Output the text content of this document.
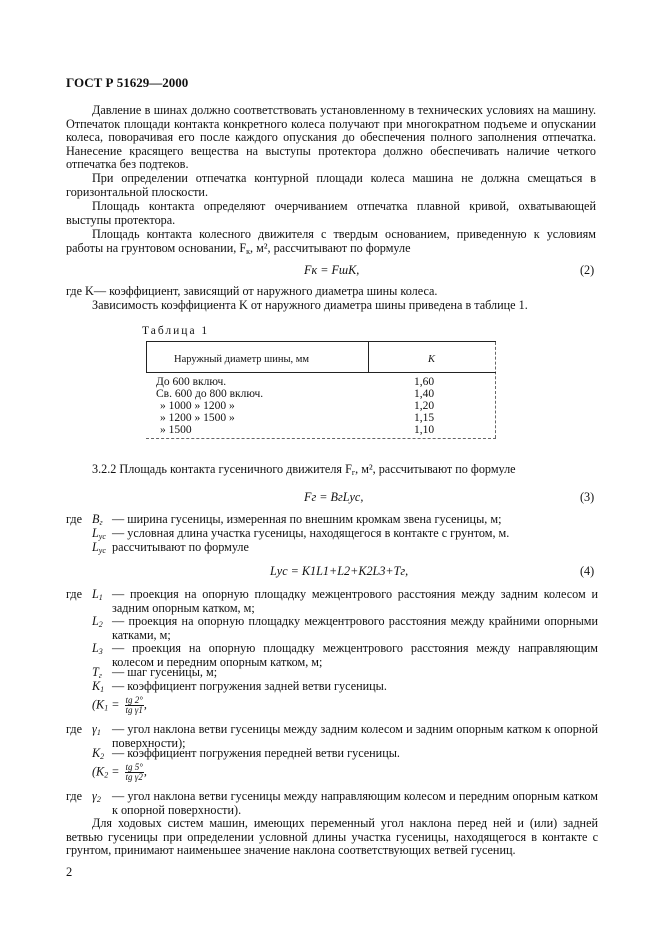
ГОСТ Р 51629—2000
Давление в шинах должно соответствовать установленному в технических условиях на машину. Отпечаток площади контакта конкретного колеса получают при многократном подъеме и опускании колеса, поворачивая его после каждого опускания до обеспечения полного заполнения отпечатка. Нанесение красящего вещества на выступы протектора должно обеспечивать наличие четкого отпечатка без подтеков.
При определении отпечатка контурной площади колеса машина не должна смещаться в горизонтальной плоскости.
Площадь контакта определяют очерчиванием отпечатка плавной кривой, охватывающей выступы протектора.
Площадь контакта колесного движителя с твердым основанием, приведенную к условиям работы на грунтовом основании, $F_к$, м², рассчитывают по формуле
Fк = FшK,	(2)
где K— коэффициент, зависящий от наружного диаметра шины колеса.
Зависимость коэффициента K от наружного диаметра шины приведена в таблице 1.
Таблица 1
Наружный диаметр шины, мм	K
До 600 включ.	1,60
Св. 600 до 800 включ.	1,40
» 1000 » 1200 »	1,20
» 1200 » 1500 »	1,15
» 1500	1,10
3.2.2 Площадь контакта гусеничного движителя $F_г$, м², рассчитывают по формуле
Fг = BгLус,	(3)
где $B_г$ — ширина гусеницы, измеренная по внешним кромкам звена гусеницы, м;
$L_{ус}$ — условная длина участка гусеницы, находящегося в контакте с грунтом, м.
$L_{ус}$ рассчитывают по формуле
Lус = K1L1+L2+K2L3+Tг,	(4)
где $L_1$ — проекция на опорную площадку межцентрового расстояния между задним колесом и задним опорным катком, м;
$L_2$ — проекция на опорную площадку межцентрового расстояния между крайними опорными катками, м;
$L_3$ — проекция на опорную площадку межцентрового расстояния между направляющим колесом и передним опорным катком, м;
$T_г$ — шаг гусеницы, м;
$K_1$ — коэффициент погружения задней ветви гусеницы.
($K_1 = \frac{tg 2^\circ}{\text{tg γ1}}$ ,
где $\gamma_1$ — угол наклона ветви гусеницы между задним колесом и задним опорным катком к опорной поверхности);
$K_2$ — коэффициент погружения передней ветви гусеницы.
($K_2 = \frac{tg 5^\circ}{\text{tg γ2}}$ ,
где $\gamma_2$ — угол наклона ветви гусеницы между направляющим колесом и передним опорным катком к опорной поверхности).
Для ходовых систем машин, имеющих переменный угол наклона перед ней и (или) задней ветвью гусеницы при определении условной длины участка гусеницы, находящегося в контакте с грунтом, принимают наименьшее значение наклона соответствующих ветвей гусениц.
2
